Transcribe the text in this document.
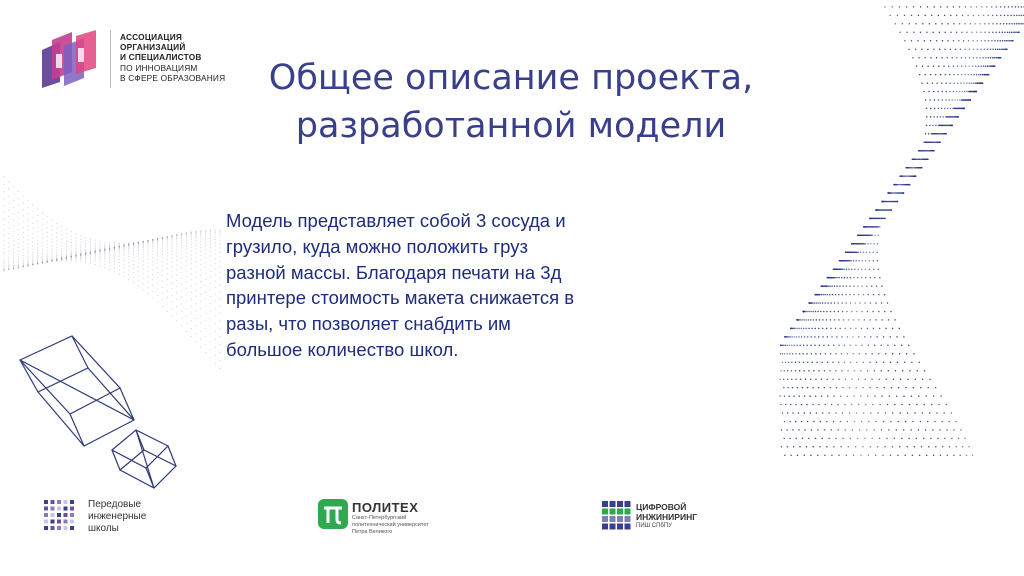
АССОЦИАЦИЯ
ОРГАНИЗАЦИЙ
И СПЕЦИАЛИСТОВ
ПО ИННОВАЦИЯМ
В СФЕРЕ ОБРАЗОВАНИЯ	Общее описание проекта,
разработанной модели
Модель представляет собой 3 сосуда и грузило, куда можно положить груз разной массы. Благодаря печати на 3д принтере стоимость макета снижается в разы, что позволяет снабдить им большое количество школ.
Передовые
инженерные
школы
ПОЛИТЕХ
Санкт-Петербургский политехнический университет Петра Великого
ЦИФРОВОЙ
ИНЖИНИРИНГ
ПИШ СПбПУ
